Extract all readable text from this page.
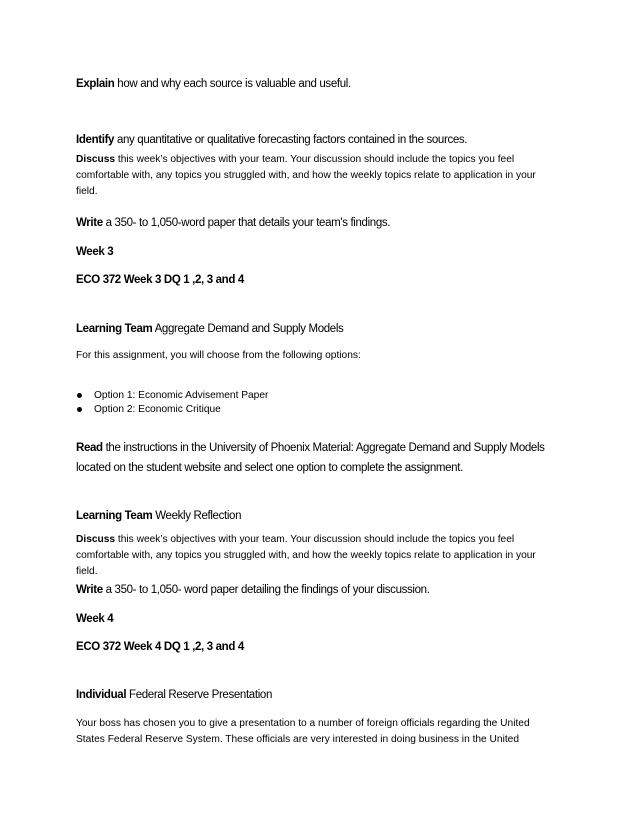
Explain how and why each source is valuable and useful.

Identify any quantitative or qualitative forecasting factors contained in the sources.

Discuss this week’s objectives with your team. Your discussion should include the topics you feel comfortable with, any topics you struggled with, and how the weekly topics relate to application in your field.

Write a 350- to 1,050-word paper that details your team's findings.

Week 3

ECO 372 Week 3 DQ 1 ,2, 3 and 4

Learning Team Aggregate Demand and Supply Models

For this assignment, you will choose from the following options:

Option 1: Economic Advisement Paper
Option 2: Economic Critique

Read the instructions in the University of Phoenix Material: Aggregate Demand and Supply Models located on the student website and select one option to complete the assignment.

Learning Team Weekly Reflection

Discuss this week’s objectives with your team. Your discussion should include the topics you feel comfortable with, any topics you struggled with, and how the weekly topics relate to application in your field.

Write a 350- to 1,050- word paper detailing the findings of your discussion.

Week 4

ECO 372 Week 4 DQ 1 ,2, 3 and 4

Individual Federal Reserve Presentation

Your boss has chosen you to give a presentation to a number of foreign officials regarding the United States Federal Reserve System. These officials are very interested in doing business in the United
